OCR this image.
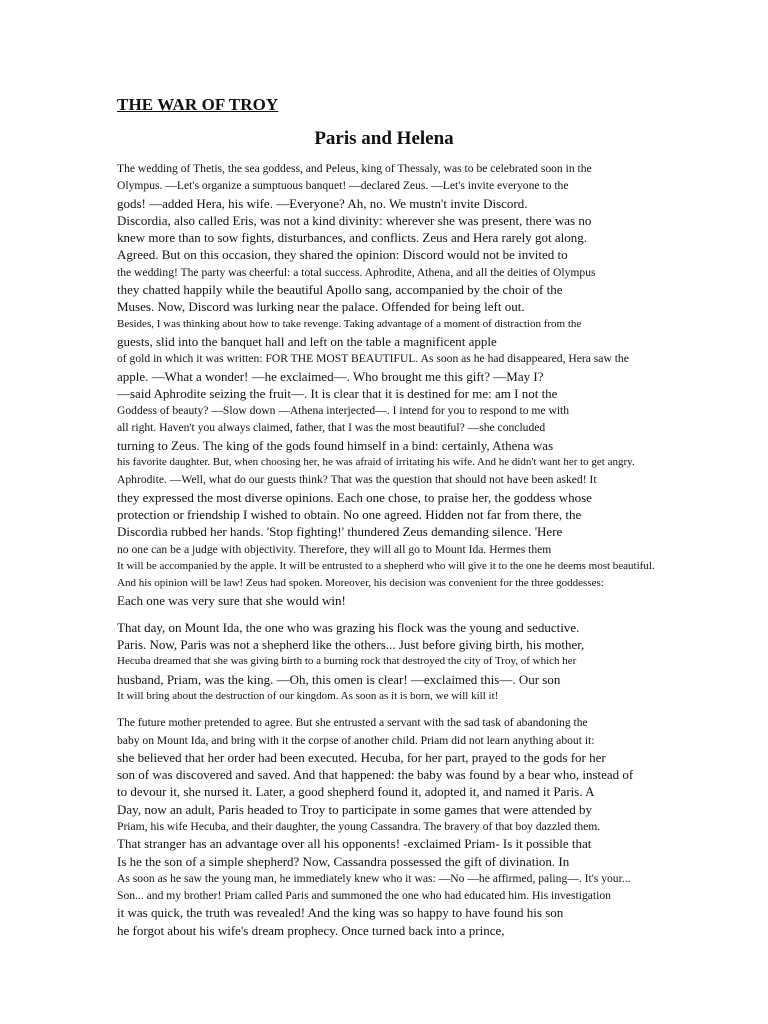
THE WAR OF TROY
Paris and Helena

The wedding of Thetis, the sea goddess, and Peleus, king of Thessaly, was to be celebrated soon in the
Olympus. —Let's organize a sumptuous banquet! —declared Zeus. —Let's invite everyone to the
gods! —added Hera, his wife. —Everyone? Ah, no. We mustn't invite Discord.
Discordia, also called Eris, was not a kind divinity: wherever she was present, there was no
knew more than to sow fights, disturbances, and conflicts. Zeus and Hera rarely got along.
Agreed. But on this occasion, they shared the opinion: Discord would not be invited to
the wedding! The party was cheerful: a total success. Aphrodite, Athena, and all the deities of Olympus
they chatted happily while the beautiful Apollo sang, accompanied by the choir of the
Muses. Now, Discord was lurking near the palace. Offended for being left out.
Besides, I was thinking about how to take revenge. Taking advantage of a moment of distraction from the
guests, slid into the banquet hall and left on the table a magnificent apple
of gold in which it was written: FOR THE MOST BEAUTIFUL. As soon as he had disappeared, Hera saw the
apple. —What a wonder! —he exclaimed—. Who brought me this gift? —May I?
—said Aphrodite seizing the fruit—. It is clear that it is destined for me: am I not the
Goddess of beauty? —Slow down —Athena interjected—. I intend for you to respond to me with
all right. Haven't you always claimed, father, that I was the most beautiful? —she concluded
turning to Zeus. The king of the gods found himself in a bind: certainly, Athena was
his favorite daughter. But, when choosing her, he was afraid of irritating his wife. And he didn't want her to get angry.
Aphrodite. —Well, what do our guests think? That was the question that should not have been asked! It
they expressed the most diverse opinions. Each one chose, to praise her, the goddess whose
protection or friendship I wished to obtain. No one agreed. Hidden not far from there, the
Discordia rubbed her hands. 'Stop fighting!' thundered Zeus demanding silence. 'Here
no one can be a judge with objectivity. Therefore, they will all go to Mount Ida. Hermes them
It will be accompanied by the apple. It will be entrusted to a shepherd who will give it to the one he deems most beautiful.
And his opinion will be law! Zeus had spoken. Moreover, his decision was convenient for the three goddesses:
Each one was very sure that she would win!

That day, on Mount Ida, the one who was grazing his flock was the young and seductive.
Paris. Now, Paris was not a shepherd like the others... Just before giving birth, his mother,
Hecuba dreamed that she was giving birth to a burning rock that destroyed the city of Troy, of which her
husband, Priam, was the king. —Oh, this omen is clear! —exclaimed this—. Our son
It will bring about the destruction of our kingdom. As soon as it is born, we will kill it!

The future mother pretended to agree. But she entrusted a servant with the sad task of abandoning the
baby on Mount Ida, and bring with it the corpse of another child. Priam did not learn anything about it:
she believed that her order had been executed. Hecuba, for her part, prayed to the gods for her
son of was discovered and saved. And that happened: the baby was found by a bear who, instead of
to devour it, she nursed it. Later, a good shepherd found it, adopted it, and named it Paris. A
Day, now an adult, Paris headed to Troy to participate in some games that were attended by
Priam, his wife Hecuba, and their daughter, the young Cassandra. The bravery of that boy dazzled them.
That stranger has an advantage over all his opponents! -exclaimed Priam- Is it possible that
Is he the son of a simple shepherd? Now, Cassandra possessed the gift of divination. In
As soon as he saw the young man, he immediately knew who it was: —No —he affirmed, paling—. It's your...
Son... and my brother! Priam called Paris and summoned the one who had educated him. His investigation
it was quick, the truth was revealed! And the king was so happy to have found his son
he forgot about his wife's dream prophecy. Once turned back into a prince,
